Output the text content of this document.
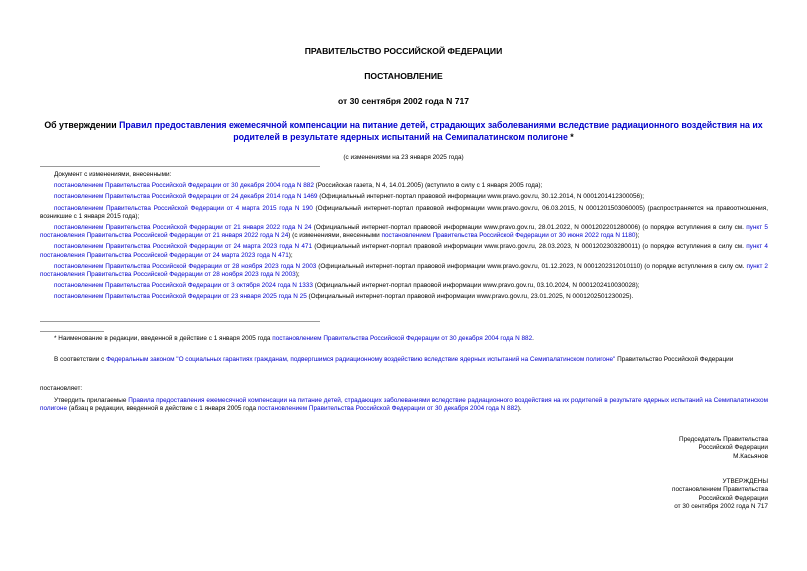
ПРАВИТЕЛЬСТВО РОССИЙСКОЙ ФЕДЕРАЦИИ
ПОСТАНОВЛЕНИЕ
от 30 сентября 2002 года N 717
Об утверждении Правил предоставления ежемесячной компенсации на питание детей, страдающих заболеваниями вследствие радиационного воздействия на их родителей в результате ядерных испытаний на Семипалатинском полигоне *
(с изменениями на 23 января 2025 года)
Документ с изменениями, внесенными:
постановлением Правительства Российской Федерации от 30 декабря 2004 года N 882 (Российская газета, N 4, 14.01.2005) (вступило в силу с 1 января 2005 года);
постановлением Правительства Российской Федерации от 24 декабря 2014 года N 1469 (Официальный интернет-портал правовой информации www.pravo.gov.ru, 30.12.2014, N 0001201412300056);
постановлением Правительства Российской Федерации от 4 марта 2015 года N 190 (Официальный интернет-портал правовой информации www.pravo.gov.ru, 06.03.2015, N 0001201503060005) (распространяется на правоотношения, возникшие с 1 января 2015 года);
постановлением Правительства Российской Федерации от 21 января 2022 года N 24 (Официальный интернет-портал правовой информации www.pravo.gov.ru, 28.01.2022, N 0001202201280006) (о порядке вступления в силу см. пункт 5 постановления Правительства Российской Федерации от 21 января 2022 года N 24) (с изменениями, внесенными постановлением Правительства Российской Федерации от 30 июня 2022 года N 1180);
постановлением Правительства Российской Федерации от 24 марта 2023 года N 471 (Официальный интернет-портал правовой информации www.pravo.gov.ru, 28.03.2023, N 0001202303280011) (о порядке вступления в силу см. пункт 4 постановления Правительства Российской Федерации от 24 марта 2023 года N 471);
постановлением Правительства Российской Федерации от 28 ноября 2023 года N 2003 (Официальный интернет-портал правовой информации www.pravo.gov.ru, 01.12.2023, N 0001202312010110) (о порядке вступления в силу см. пункт 2 постановления Правительства Российской Федерации от 28 ноября 2023 года N 2003);
постановлением Правительства Российской Федерации от 3 октября 2024 года N 1333 (Официальный интернет-портал правовой информации www.pravo.gov.ru, 03.10.2024, N 0001202410030028);
постановлением Правительства Российской Федерации от 23 января 2025 года N 25 (Официальный интернет-портал правовой информации www.pravo.gov.ru, 23.01.2025, N 0001202501230025).
* Наименование в редакции, введенной в действие с 1 января 2005 года постановлением Правительства Российской Федерации от 30 декабря 2004 года N 882.
В соответствии с Федеральным законом "О социальных гарантиях гражданам, подвергшимся радиационному воздействию вследствие ядерных испытаний на Семипалатинском полигоне" Правительство Российской Федерации
постановляет:
Утвердить прилагаемые Правила предоставления ежемесячной компенсации на питание детей, страдающих заболеваниями вследствие радиационного воздействия на их родителей в результате ядерных испытаний на Семипалатинском полигоне (абзац в редакции, введенной в действие с 1 января 2005 года постановлением Правительства Российской Федерации от 30 декабря 2004 года N 882).
Председатель Правительства
Российской Федерации
М.Касьянов
УТВЕРЖДЕНЫ
постановлением Правительства
Российской Федерации
от 30 сентября 2002 года N 717
